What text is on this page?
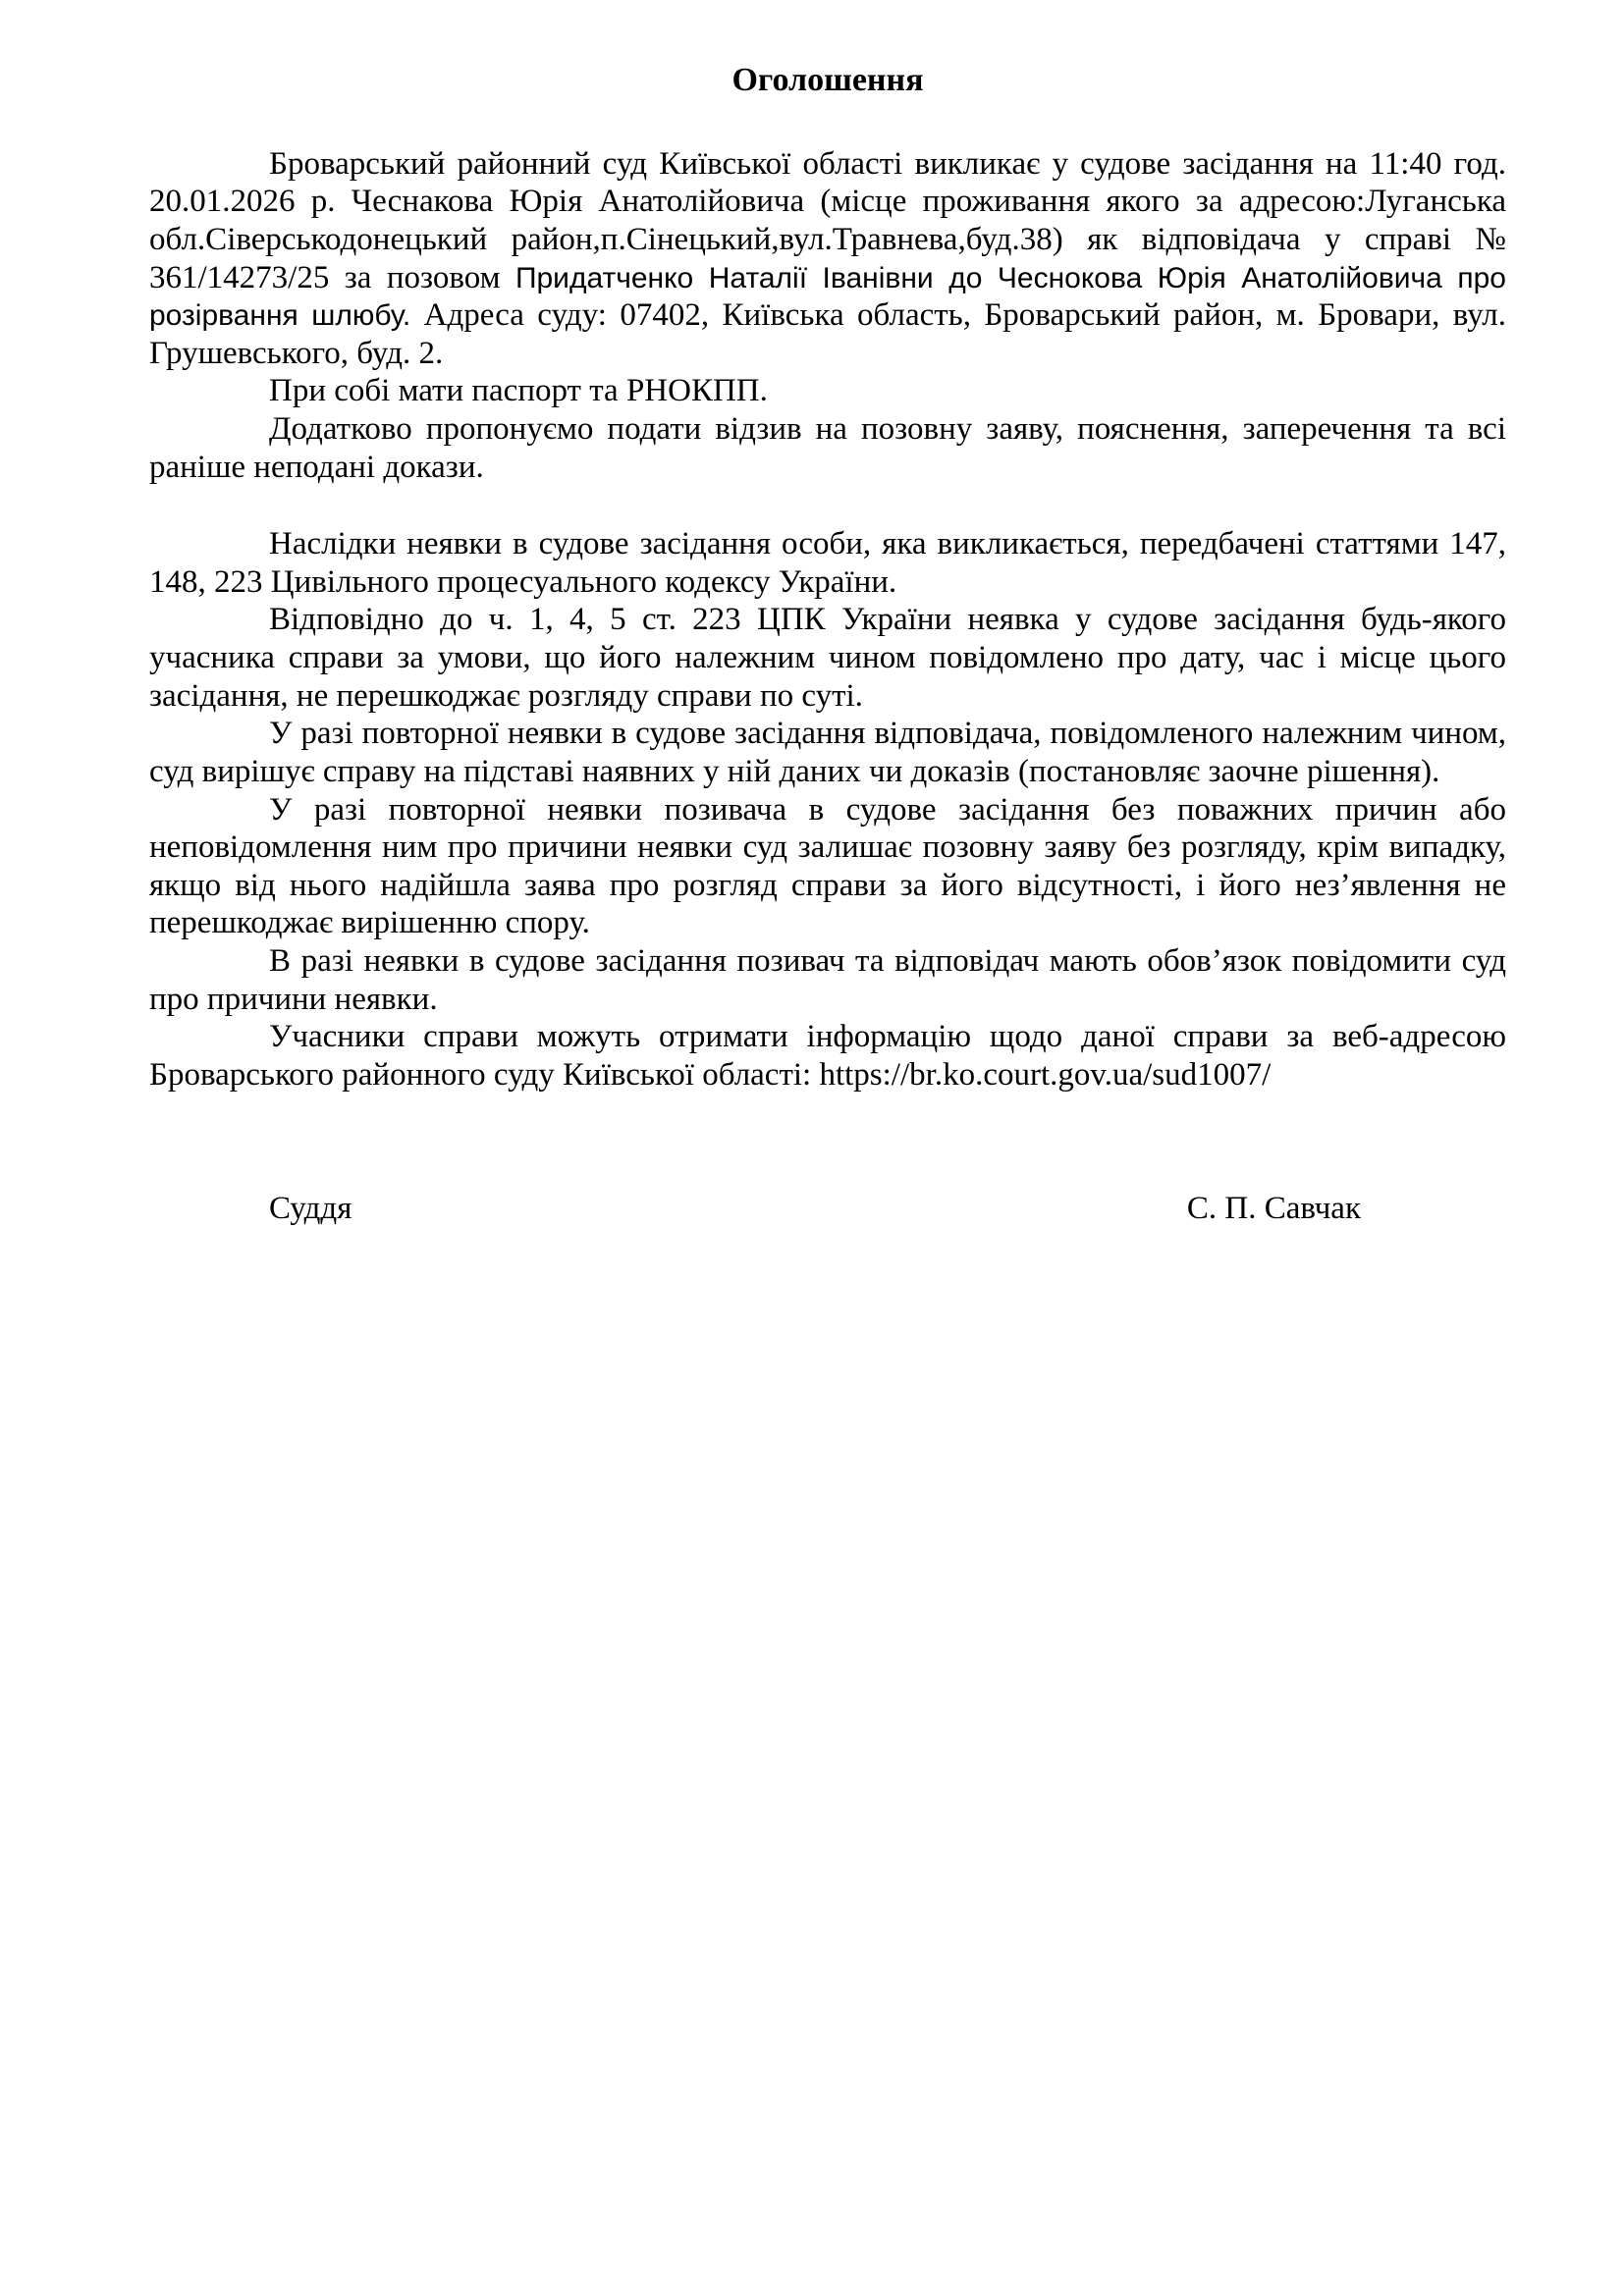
Оголошення

Броварський районний суд Київської області викликає у судове засідання на 11:40 год. 20.01.2026 р. Чеснакова Юрія Анатолійовича (місце проживання якого за адресою:Луганська обл.Сіверськодонецький район,п.Сінецький,вул.Травнева,буд.38) як відповідача у справі № 361/14273/25 за позовом Придатченко Наталії Іванівни до Чеснокова Юрія Анатолійовича про розірвання шлюбу. Адреса суду: 07402, Київська область, Броварський район, м. Бровари, вул. Грушевського, буд. 2.

При собі мати паспорт та РНОКПП.

Додатково пропонуємо подати відзив на позовну заяву, пояснення, заперечення та всі раніше неподані докази.

Наслідки неявки в судове засідання особи, яка викликається, передбачені статтями 147, 148, 223 Цивільного процесуального кодексу України.

Відповідно до ч. 1, 4, 5 ст. 223 ЦПК України неявка у судове засідання будь-якого учасника справи за умови, що його належним чином повідомлено про дату, час і місце цього засідання, не перешкоджає розгляду справи по суті.

У разі повторної неявки в судове засідання відповідача, повідомленого належним чином, суд вирішує справу на підставі наявних у ній даних чи доказів (постановляє заочне рішення).

У разі повторної неявки позивача в судове засідання без поважних причин або неповідомлення ним про причини неявки суд залишає позовну заяву без розгляду, крім випадку, якщо від нього надійшла заява про розгляд справи за його відсутності, і його нез’явлення не перешкоджає вирішенню спору.

В разі неявки в судове засідання позивач та відповідач мають обов’язок повідомити суд про причини неявки.

Учасники справи можуть отримати інформацію щодо даної справи за веб-адресою Броварського районного суду Київської області: https://br.ko.court.gov.ua/sud1007/

Суддя	С. П. Савчак
